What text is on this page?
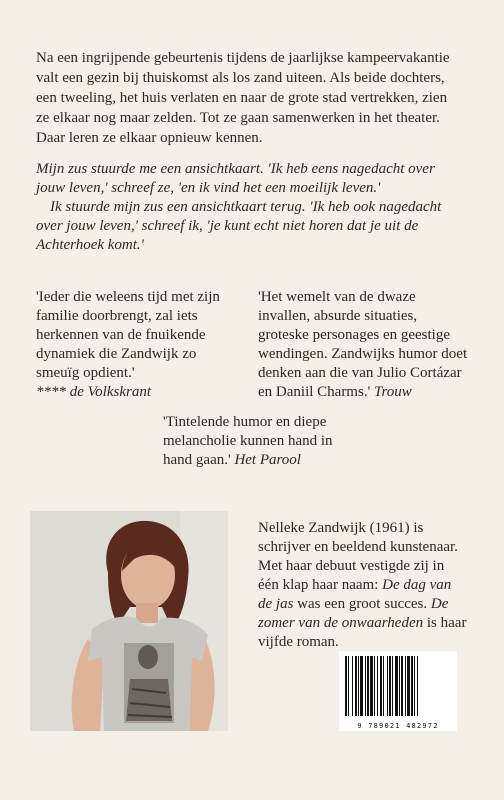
Na een ingrijpende gebeurtenis tijdens de jaarlijkse kampeervakantie
valt een gezin bij thuiskomst als los zand uiteen. Als beide dochters,
een tweeling, het huis verlaten en naar de grote stad vertrekken, zien
ze elkaar nog maar zelden. Tot ze gaan samenwerken in het theater.
Daar leren ze elkaar opnieuw kennen.

Mijn zus stuurde me een ansichtkaart. 'Ik heb eens nagedacht over jouw leven,' schreef ze, 'en ik vind het een moeilijk leven.'

Ik stuurde mijn zus een ansichtkaart terug. 'Ik heb ook nagedacht over jouw leven,' schreef ik, 'je kunt echt niet horen dat je uit de Achterhoek komt.'

'Ieder die weleens tijd met zijn familie doorbrengt, zal iets herkennen van de fnuikende dynamiek die Zandwijk zo smeuïg opdient.'
**** de Volkskrant
'Het wemelt van de dwaze invallen, absurde situaties, groteske personages en geestige wendingen. Zandwijks humor doet denken aan die van Julio Cortázar en Daniil Charms.' Trouw
'Tintelende humor en diepe melancholie kunnen hand in hand gaan.' Het Parool
Nelleke Zandwijk (1961) is schrijver en beeldend kunstenaar. Met haar debuut vestigde zij in één klap haar naam: De dag van de jas was een groot succes. De zomer van de onwaarheden is haar vijfde roman.
9 789021 482972
